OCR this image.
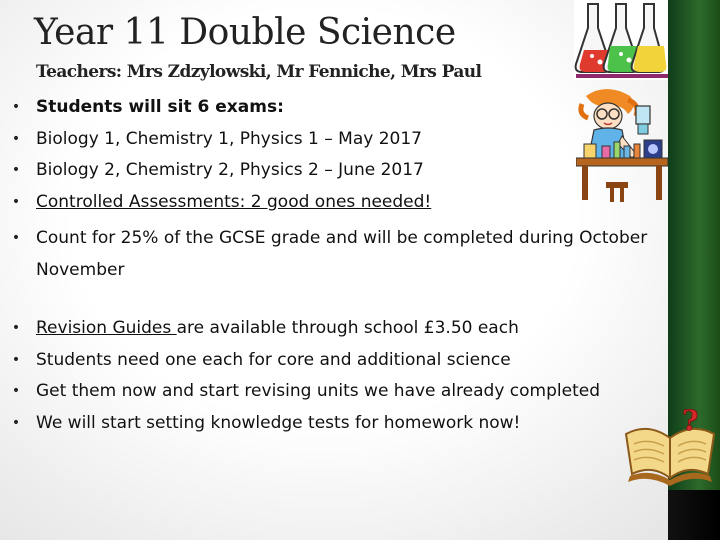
Year 11 Double Science
Teachers: Mrs Zdzylowski, Mr Fenniche, Mrs Paul
• Students will sit 6 exams:
• Biology 1, Chemistry 1, Physics 1 – May 2017
• Biology 2, Chemistry 2, Physics 2 – June 2017
• Controlled Assessments: 2 good ones needed!
• Count for 25% of the GCSE grade and will be completed during October
November
• Revision Guides are available through school £3.50 each
• Students need one each for core and additional science
• Get them now and start revising units we have already completed
• We will start setting knowledge tests for homework now!	?
